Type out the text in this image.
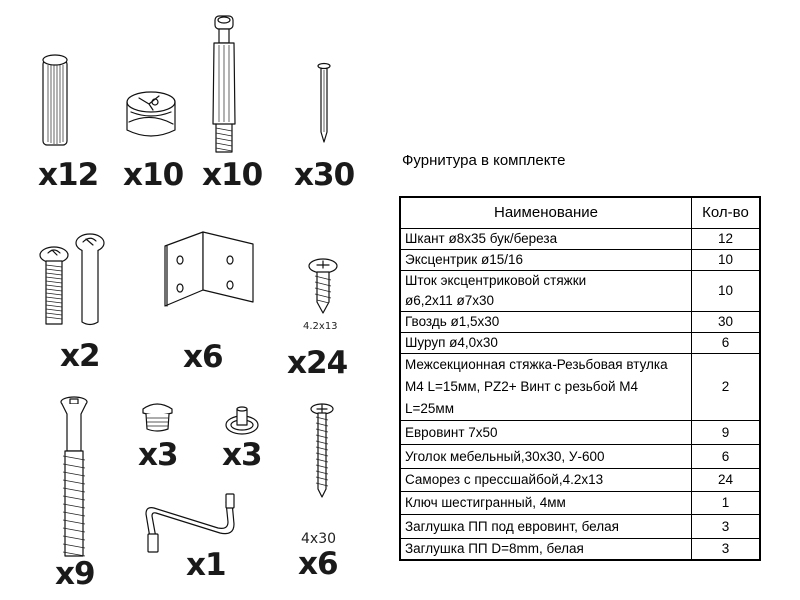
x12 x10 x10 x30
x2	x6
4.2x13
x24
x9
x3 x3
x1
4x30
x6
Фурнитура в комплекте
Наименование	Кол-во
Шкант ø8x35 бук/береза	12
Эксцентрик ø15/16	10
Шток эксцентриковой стяжки ø6,2x11 ø7x30	10
Гвоздь ø1,5x30	30
Шуруп ø4,0x30	6
Межсекционная стяжка-Резьбовая втулка М4 L=15мм, PZ2+ Винт с резьбой М4 L=25мм	2
Евровинт 7x50	9
Уголок мебельный,30x30, У-600	6
Саморез с прессшайбой,4.2x13	24
Ключ шестигранный, 4мм	1
Заглушка ПП под евровинт, белая	3
Заглушка ПП D=8mm, белая	3
